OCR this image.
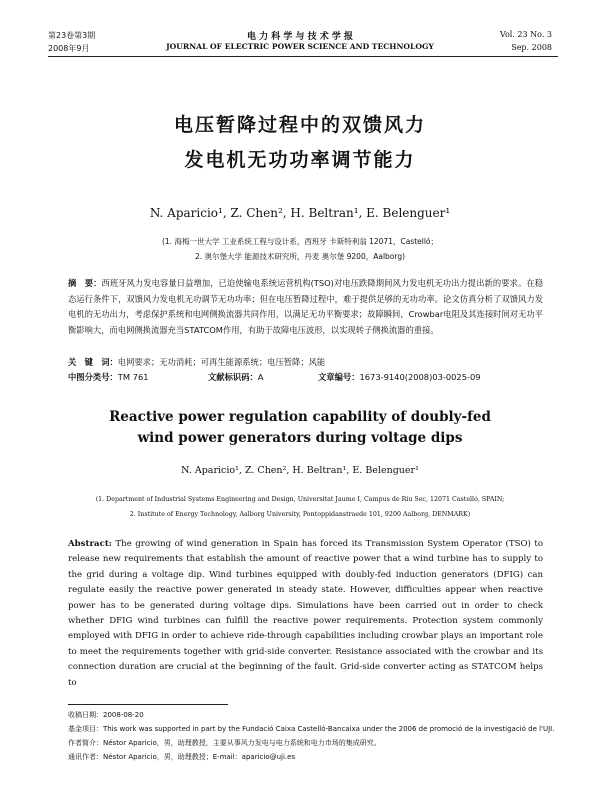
第23卷第3期
2008年9月
电 力 科 学 与 技 术 学 报
JOURNAL OF ELECTRIC POWER SCIENCE AND TECHNOLOGY
Vol. 23 No. 3
Sep. 2008
电压暂降过程中的双馈风力
发电机无功功率调节能力
N. Aparicio¹, Z. Chen², H. Beltran¹, E. Belenguer¹
(1. 海梅一世大学 工业系统工程与设计系，西班牙 卡斯特利翁 12071，Castelló；
2. 奥尔堡大学 能源技术研究所，丹麦 奥尔堡 9200，Aalborg)
摘　要：西班牙风力发电容量日益增加，已迫使输电系统运营机构(TSO)对电压跌降期间风力发电机无功出力提出新的要求。在稳态运行条件下，双馈风力发电机无功调节无功功率；但在电压暂降过程中，难于提供足够的无功功率。论文仿真分析了双馈风力发电机的无功出力，考虑保护系统和电网侧换流器共同作用，以满足无功平衡要求；故障瞬间，Crowbar电阻及其连接时间对无功平衡影响大，而电网侧换流器充当STATCOM作用，有助于故障电压波形，以实现转子侧换流器的重接。
关　键　词：电网要求；无功消耗；可再生能源系统；电压暂降；风能
中图分类号：TM 761	文献标识码：A	文章编号：1673-9140(2008)03-0025-09
Reactive power regulation capability of doubly-fed
wind power generators during voltage dips
N. Aparicio¹, Z. Chen², H. Beltran¹, E. Belenguer¹
(1. Department of Industrial Systems Engineering and Design, Universitat Jaume I, Campus de Riu Sec, 12071 Castelló, SPAIN;
2. Institute of Energy Technology, Aalborg University, Pontoppidanstraede 101, 9200 Aalborg, DENMARK)
Abstract: The growing of wind generation in Spain has forced its Transmission System Operator (TSO) to release new requirements that establish the amount of reactive power that a wind turbine has to supply to the grid during a voltage dip. Wind turbines equipped with doubly-fed induction generators (DFIG) can regulate easily the reactive power generated in steady state. However, difficulties appear when reactive power has to be generated during voltage dips. Simulations have been carried out in order to check whether DFIG wind turbines can fulfill the reactive power requirements. Protection system commonly employed with DFIG in order to achieve ride-through capabilities including crowbar plays an important role to meet the requirements together with grid-side converter. Resistance associated with the crowbar and its connection duration are crucial at the beginning of the fault. Grid-side converter acting as STATCOM helps to
收稿日期：2008-08-20
基金项目：This work was supported in part by the Fundació Caixa Castelló-Bancaixa under the 2006 de promoció de la investigació de l'UJI.
作者简介：Néstor Aparicio，男，助理教授，主要从事风力发电与电力系统和电力市场的集成研究。
通讯作者：Néstor Aparicio，男，助理教授；E-mail：aparicio@uji.es
